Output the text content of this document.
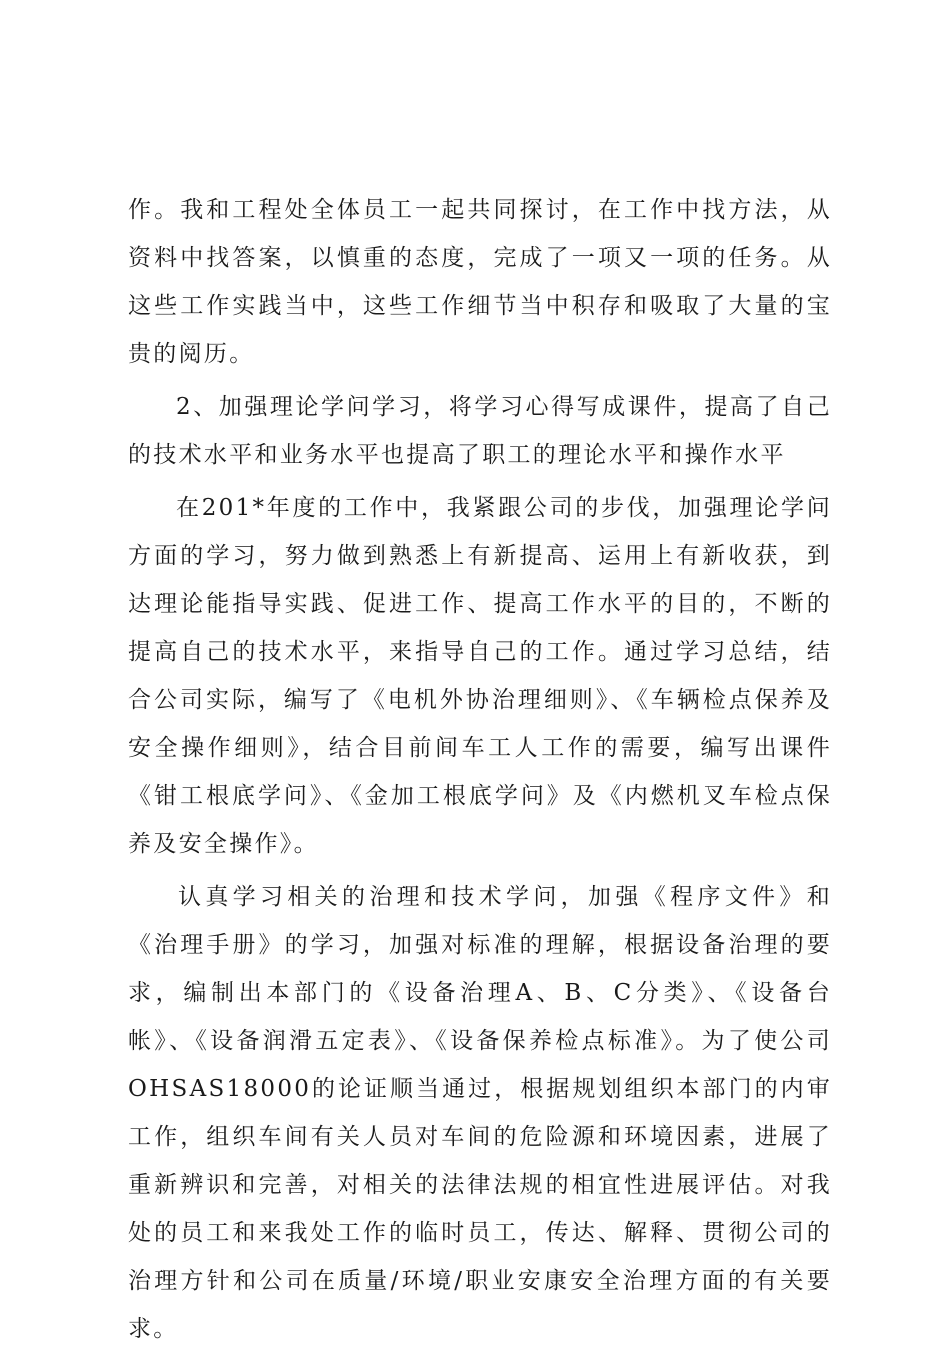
作。我和工程处全体员工一起共同探讨，在工作中找方法，从资料中找答案，以慎重的态度，完成了一项又一项的任务。从这些工作实践当中，这些工作细节当中积存和吸取了大量的宝贵的阅历。

2、加强理论学问学习，将学习心得写成课件，提高了自己的技术水平和业务水平也提高了职工的理论水平和操作水平

在201*年度的工作中，我紧跟公司的步伐，加强理论学问方面的学习，努力做到熟悉上有新提高、运用上有新收获，到达理论能指导实践、促进工作、提高工作水平的目的，不断的提高自己的技术水平，来指导自己的工作。通过学习总结，结合公司实际，编写了《电机外协治理细则》、《车辆检点保养及安全操作细则》，结合目前间车工人工作的需要，编写出课件《钳工根底学问》、《金加工根底学问》及《内燃机叉车检点保养及安全操作》。

认真学习相关的治理和技术学问，加强《程序文件》和《治理手册》的学习，加强对标准的理解，根据设备治理的要求，编制出本部门的《设备治理A、B、C分类》、《设备台帐》、《设备润滑五定表》、《设备保养检点标准》。为了使公司OHSAS18000的论证顺当通过，根据规划组织本部门的内审工作，组织车间有关人员对车间的危险源和环境因素，进展了重新辨识和完善，对相关的法律法规的相宜性进展评估。对我处的员工和来我处工作的临时员工，传达、解释、贯彻公司的治理方针和公司在质量/环境/职业安康安全治理方面的有关要求。
